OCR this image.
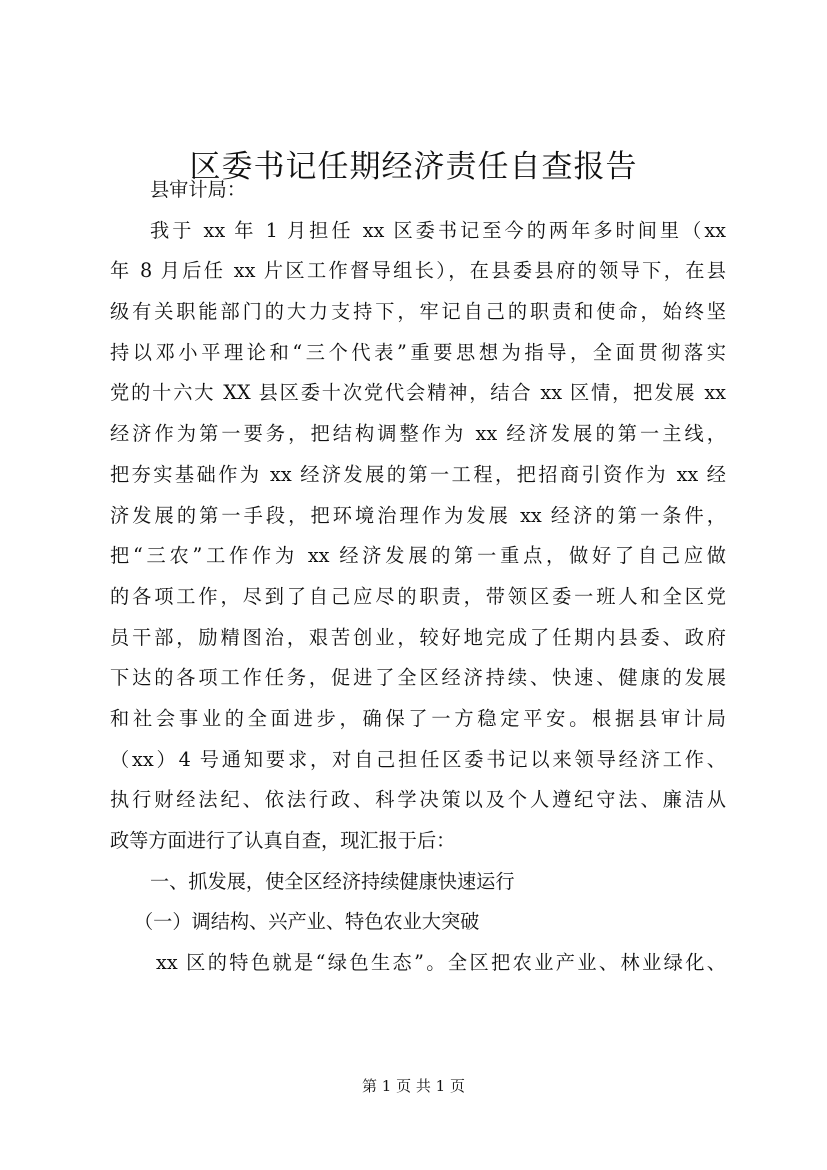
区委书记任期经济责任自查报告
县审计局：
我于 xx 年 1 月担任 xx 区委书记至今的两年多时间里（xx
年 8 月后任 xx 片区工作督导组长），在县委县府的领导下，在县
级有关职能部门的大力支持下，牢记自己的职责和使命，始终坚
持以邓小平理论和“三个代表”重要思想为指导，全面贯彻落实
党的十六大 XX 县区委十次党代会精神，结合 xx 区情，把发展 xx
经济作为第一要务，把结构调整作为 xx 经济发展的第一主线，
把夯实基础作为 xx 经济发展的第一工程，把招商引资作为 xx 经
济发展的第一手段，把环境治理作为发展 xx 经济的第一条件，
把“三农”工作作为 xx 经济发展的第一重点，做好了自己应做
的各项工作，尽到了自己应尽的职责，带领区委一班人和全区党
员干部，励精图治，艰苦创业，较好地完成了任期内县委、政府
下达的各项工作任务，促进了全区经济持续、快速、健康的发展
和社会事业的全面进步，确保了一方稳定平安。根据县审计局
（xx）4 号通知要求，对自己担任区委书记以来领导经济工作、
执行财经法纪、依法行政、科学决策以及个人遵纪守法、廉洁从
政等方面进行了认真自查，现汇报于后：
一、抓发展，使全区经济持续健康快速运行
（一）调结构、兴产业、特色农业大突破
xx 区的特色就是“绿色生态”。全区把农业产业、林业绿化、
第 1 页 共 1 页
